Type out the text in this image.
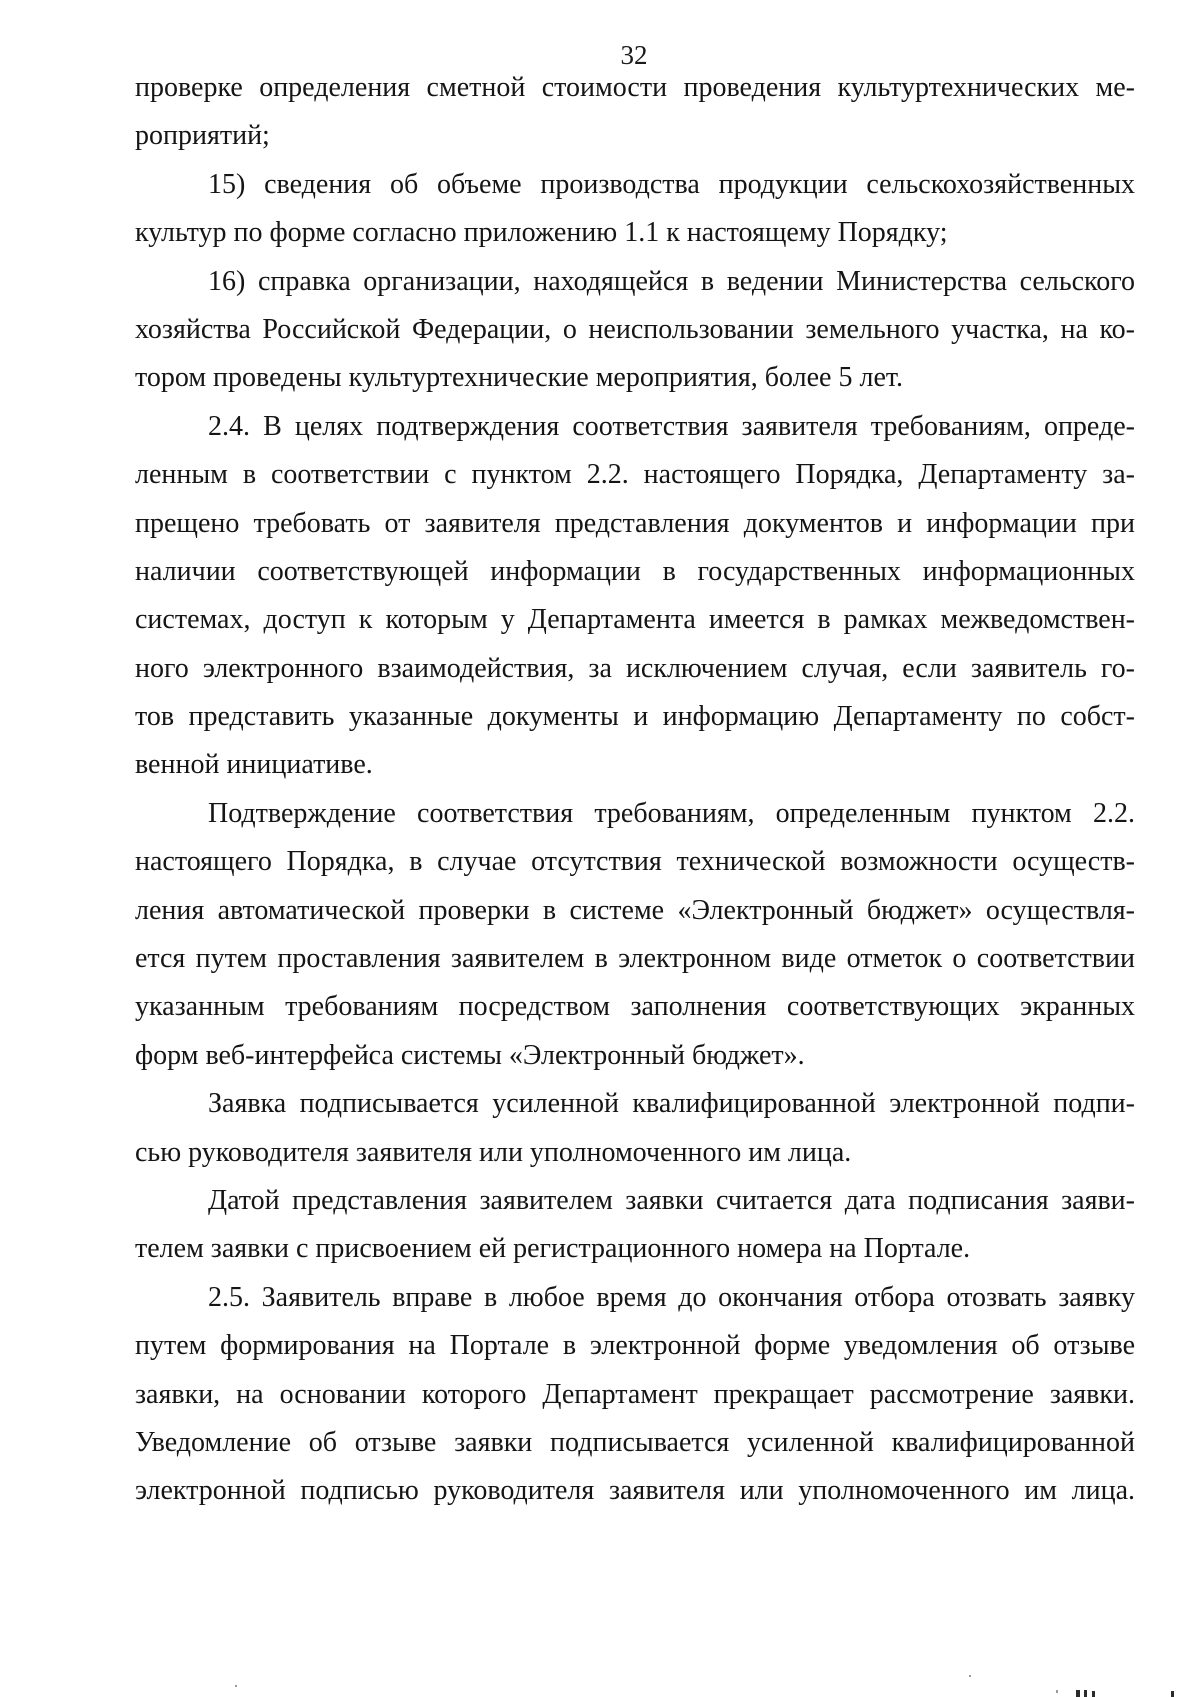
32
проверке определения сметной стоимости проведения культуртехнических ме-
роприятий;
15) сведения об объеме производства продукции сельскохозяйственных
культур по форме согласно приложению 1.1 к настоящему Порядку;
16) справка организации, находящейся в ведении Министерства сельского
хозяйства Российской Федерации, о неиспользовании земельного участка, на ко-
тором проведены культуртехнические мероприятия, более 5 лет.
2.4. В целях подтверждения соответствия заявителя требованиям, опреде-
ленным в соответствии с пунктом 2.2. настоящего Порядка, Департаменту за-
прещено требовать от заявителя представления документов и информации при
наличии соответствующей информации в государственных информационных
системах, доступ к которым у Департамента имеется в рамках межведомствен-
ного электронного взаимодействия, за исключением случая, если заявитель го-
тов представить указанные документы и информацию Департаменту по собст-
венной инициативе.
Подтверждение соответствия требованиям, определенным пунктом 2.2.
настоящего Порядка, в случае отсутствия технической возможности осуществ-
ления автоматической проверки в системе «Электронный бюджет» осуществля-
ется путем проставления заявителем в электронном виде отметок о соответствии
указанным требованиям посредством заполнения соответствующих экранных
форм веб-интерфейса системы «Электронный бюджет».
Заявка подписывается усиленной квалифицированной электронной подпи-
сью руководителя заявителя или уполномоченного им лица.
Датой представления заявителем заявки считается дата подписания заяви-
телем заявки с присвоением ей регистрационного номера на Портале.
2.5. Заявитель вправе в любое время до окончания отбора отозвать заявку
путем формирования на Портале в электронной форме уведомления об отзыве
заявки, на основании которого Департамент прекращает рассмотрение заявки.
Уведомление об отзыве заявки подписывается усиленной квалифицированной
электронной подписью руководителя заявителя или уполномоченного им лица.
